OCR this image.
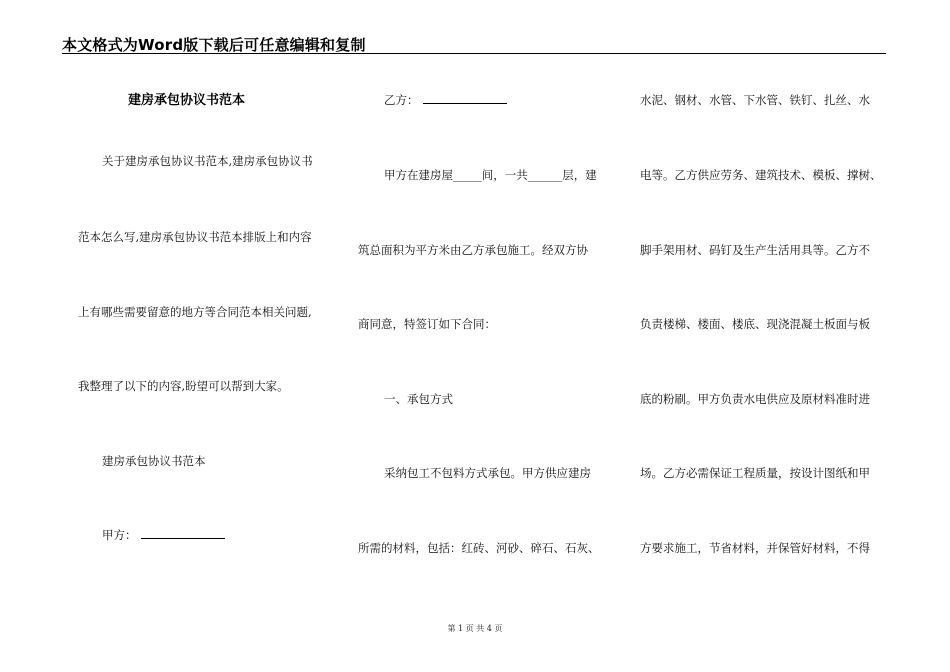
本文格式为Word版下载后可任意编辑和复制
建房承包协议书范本
关于建房承包协议书范本,建房承包协议书
范本怎么写,建房承包协议书范本排版上和内容
上有哪些需要留意的地方等合同范本相关问题,
我整理了以下的内容,盼望可以帮到大家。
建房承包协议书范本
甲方：
乙方：
甲方在建房屋_____间，一共______层，建
筑总面积为平方米由乙方承包施工。经双方协
商同意，特签订如下合同：
一、承包方式
采纳包工不包料方式承包。甲方供应建房
所需的材料，包括：红砖、河砂、碎石、石灰、
水泥、钢材、水管、下水管、铁钉、扎丝、水
电等。乙方供应劳务、建筑技术、模板、撑树、
脚手架用材、码钉及生产生活用具等。乙方不
负责楼梯、楼面、楼底、现浇混凝土板面与板
底的粉刷。甲方负责水电供应及原材料准时进
场。乙方必需保证工程质量，按设计图纸和甲
方要求施工，节省材料，并保管好材料，不得
第 1 页 共 4 页
